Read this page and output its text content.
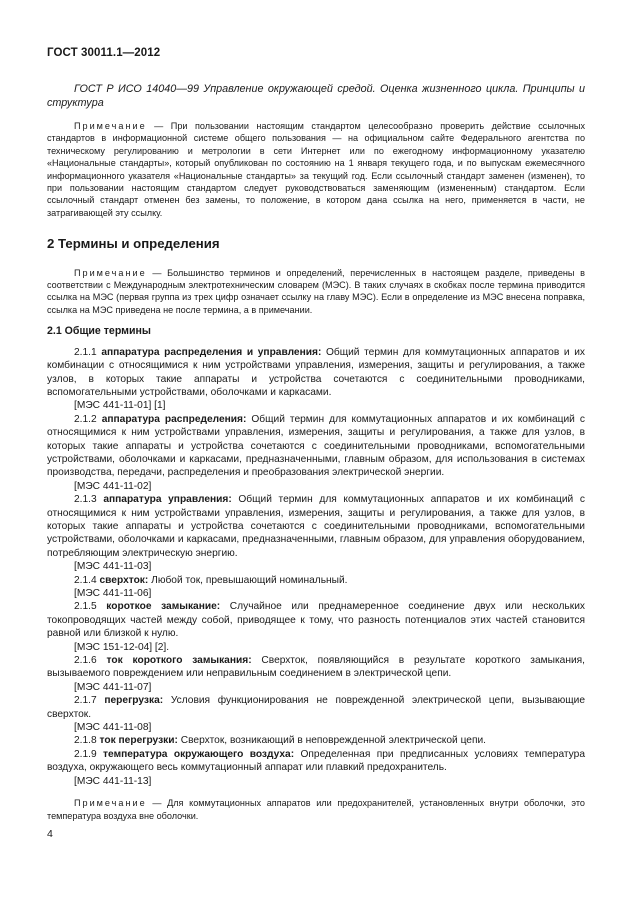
ГОСТ 30011.1—2012

ГОСТ Р ИСО 14040—99 Управление окружающей средой. Оценка жизненного цикла. Принципы и структура

Примечание — При пользовании настоящим стандартом целесообразно проверить действие ссылочных стандартов в информационной системе общего пользования — на официальном сайте Федерального агентства по техническому регулированию и метрологии в сети Интернет или по ежегодному информационному указателю «Национальные стандарты», который опубликован по состоянию на 1 января текущего года, и по выпускам ежемесячного информационного указателя «Национальные стандарты» за текущий год. Если ссылочный стандарт заменен (изменен), то при пользовании настоящим стандартом следует руководствоваться заменяющим (измененным) стандартом. Если ссылочный стандарт отменен без замены, то положение, в котором дана ссылка на него, применяется в части, не затрагивающей эту ссылку.

2 Термины и определения

Примечание — Большинство терминов и определений, перечисленных в настоящем разделе, приведены в соответствии с Международным электротехническим словарем (МЭС). В таких случаях в скобках после термина приводится ссылка на МЭС (первая группа из трех цифр означает ссылку на главу МЭС). Если в определение из МЭС внесена поправка, ссылка на МЭС приведена не после термина, а в примечании.

2.1 Общие термины

2.1.1 аппаратура распределения и управления: Общий термин для коммутационных аппаратов и их комбинации с относящимися к ним устройствами управления, измерения, защиты и регулирования, а также узлов, в которых такие аппараты и устройства сочетаются с соединительными проводниками, вспомогательными устройствами, оболочками и каркасами.

[МЭС 441-11-01] [1]

2.1.2 аппаратура распределения: Общий термин для коммутационных аппаратов и их комбинаций с относящимися к ним устройствами управления, измерения, защиты и регулирования, а также для узлов, в которых такие аппараты и устройства сочетаются с соединительными проводниками, вспомогательными устройствами, оболочками и каркасами, предназначенными, главным образом, для использования в системах производства, передачи, распределения и преобразования электрической энергии.

[МЭС 441-11-02]

2.1.3 аппаратура управления: Общий термин для коммутационных аппаратов и их комбинаций с относящимися к ним устройствами управления, измерения, защиты и регулирования, а также для узлов, в которых такие аппараты и устройства сочетаются с соединительными проводниками, вспомогательными устройствами, оболочками и каркасами, предназначенными, главным образом, для управления оборудованием, потребляющим электрическую энергию.

[МЭС 441-11-03]

2.1.4 сверхток: Любой ток, превышающий номинальный.

[МЭС 441-11-06]

2.1.5 короткое замыкание: Случайное или преднамеренное соединение двух или нескольких токопроводящих частей между собой, приводящее к тому, что разность потенциалов этих частей становится равной или близкой к нулю.

[МЭС 151-12-04] [2].

2.1.6 ток короткого замыкания: Сверхток, появляющийся в результате короткого замыкания, вызываемого повреждением или неправильным соединением в электрической цепи.

[МЭС 441-11-07]

2.1.7 перегрузка: Условия функционирования не поврежденной электрической цепи, вызывающие сверхток.

[МЭС 441-11-08]

2.1.8 ток перегрузки: Сверхток, возникающий в неповрежденной электрической цепи.

2.1.9 температура окружающего воздуха: Определенная при предписанных условиях температура воздуха, окружающего весь коммутационный аппарат или плавкий предохранитель.

[МЭС 441-11-13]

Примечание — Для коммутационных аппаратов или предохранителей, установленных внутри оболочки, это температура воздуха вне оболочки.

4
